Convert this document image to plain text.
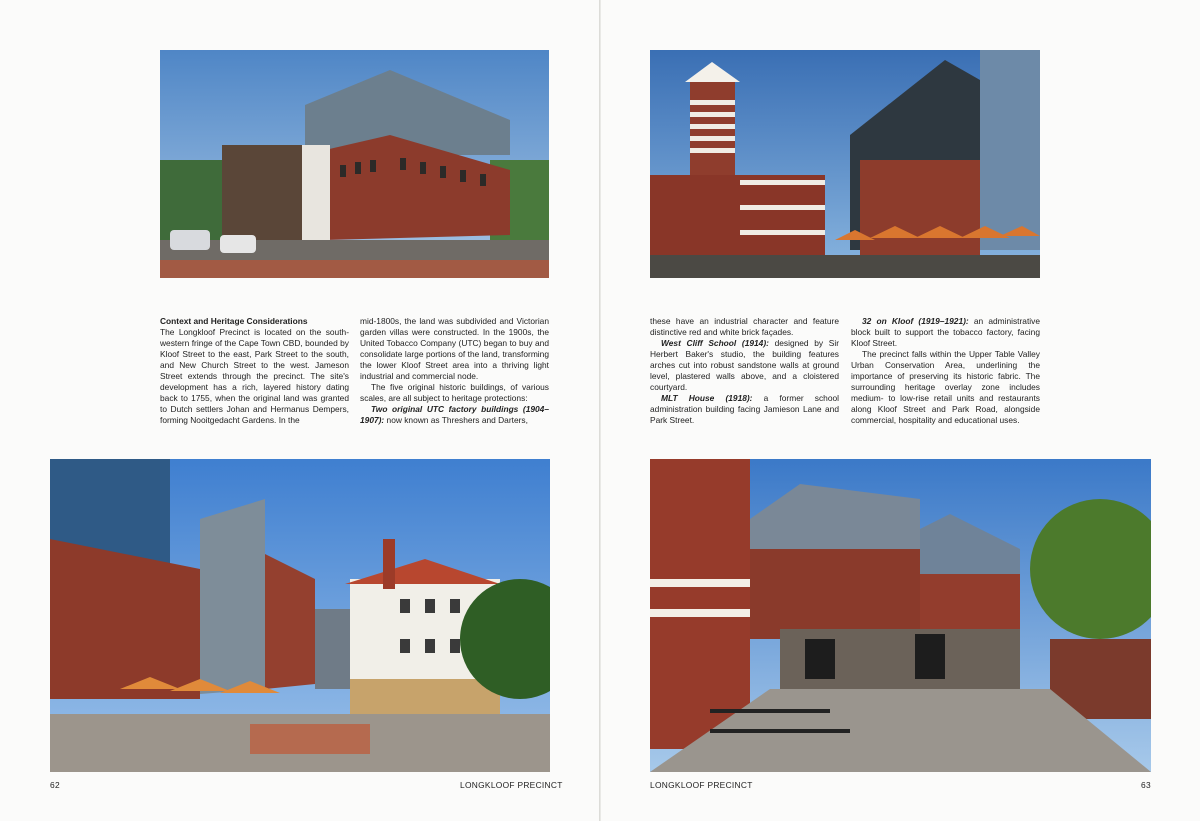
Context and Heritage Considerations

The Longkloof Precinct is located on the south-western fringe of the Cape Town CBD, bounded by Kloof Street to the east, Park Street to the south, and New Church Street to the west. Jameson Street extends through the precinct. The site's development has a rich, layered history dating back to 1755, when the original land was granted to Dutch settlers Johan and Hermanus Dempers, forming Nooitgedacht Gardens. In the

mid-1800s, the land was subdivided and Victorian garden villas were constructed. In the 1900s, the United Tobacco Company (UTC) began to buy and consolidate large portions of the land, transforming the lower Kloof Street area into a thriving light industrial and commercial node.

The five original historic buildings, of various scales, are all subject to heritage protections:

Two original UTC factory buildings (1904–1907): now known as Threshers and Darters,

62	LONGKLOOF PRECINCT

these have an industrial character and feature distinctive red and white brick façades.

West Cliff School (1914): designed by Sir Herbert Baker's studio, the building features arches cut into robust sandstone walls at ground level, plastered walls above, and a cloistered courtyard.

MLT House (1918): a former school administration building facing Jamieson Lane and Park Street.

32 on Kloof (1919–1921): an administrative block built to support the tobacco factory, facing Kloof Street.

The precinct falls within the Upper Table Valley Urban Conservation Area, underlining the importance of preserving its historic fabric. The surrounding heritage overlay zone includes medium- to low-rise retail units and restaurants along Kloof Street and Park Road, alongside commercial, hospitality and educational uses.

LONGKLOOF PRECINCT	63
